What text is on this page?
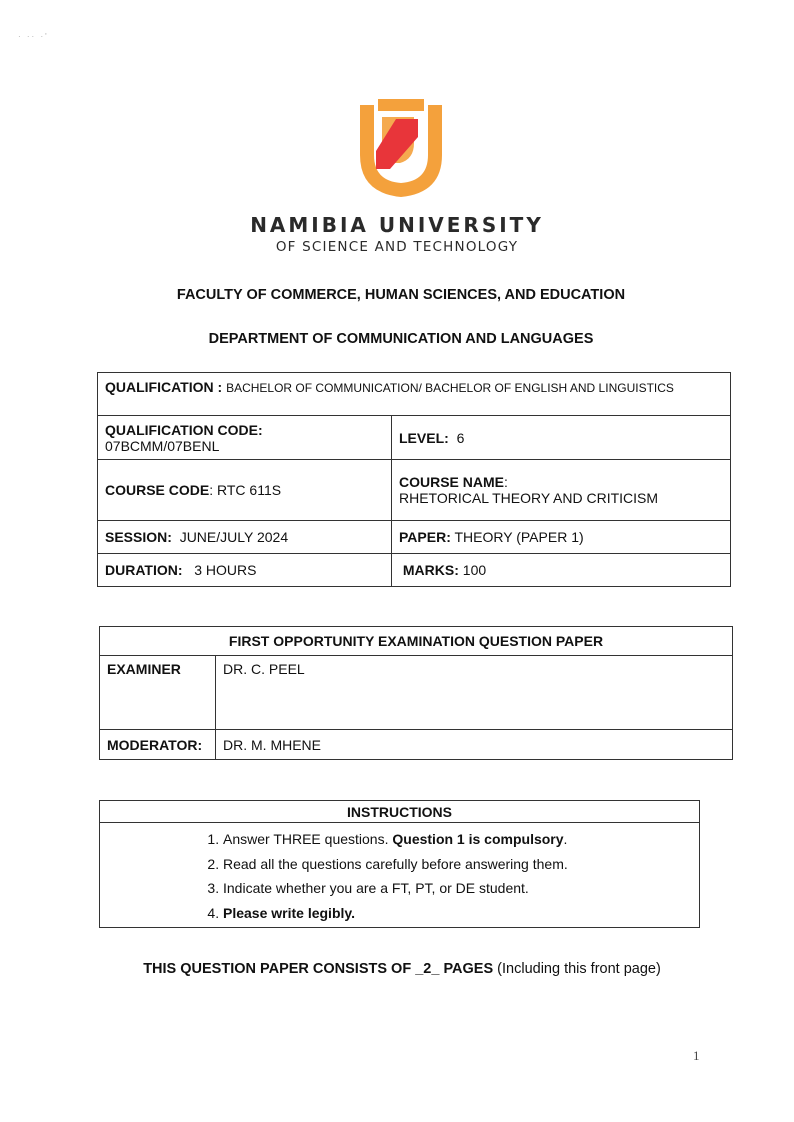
· ·· ·'
NAMIBIA UNIVERSITY
OF SCIENCE AND TECHNOLOGY
FACULTY OF COMMERCE, HUMAN SCIENCES, AND EDUCATION
DEPARTMENT OF COMMUNICATION AND LANGUAGES
QUALIFICATION : BACHELOR OF COMMUNICATION/ BACHELOR OF ENGLISH AND LINGUISTICS	
QUALIFICATION CODE:
07BCMM/07BENL	LEVEL: 6
COURSE CODE: RTC 611S	COURSE NAME:
RHETORICAL THEORY AND CRITICISM
SESSION: JUNE/JULY 2024	PAPER: THEORY (PAPER 1)
DURATION: 3 HOURS	MARKS: 100
FIRST OPPORTUNITY EXAMINATION QUESTION PAPER	
EXAMINER	DR. C. PEEL
MODERATOR:	DR. M. MHENE
INSTRUCTIONS

1. Answer THREE questions. Question 1 is compulsory.
2. Read all the questions carefully before answering them.
3. Indicate whether you are a FT, PT, or DE student.
4. Please write legibly.
THIS QUESTION PAPER CONSISTS OF _2_ PAGES (Including this front page)
1
